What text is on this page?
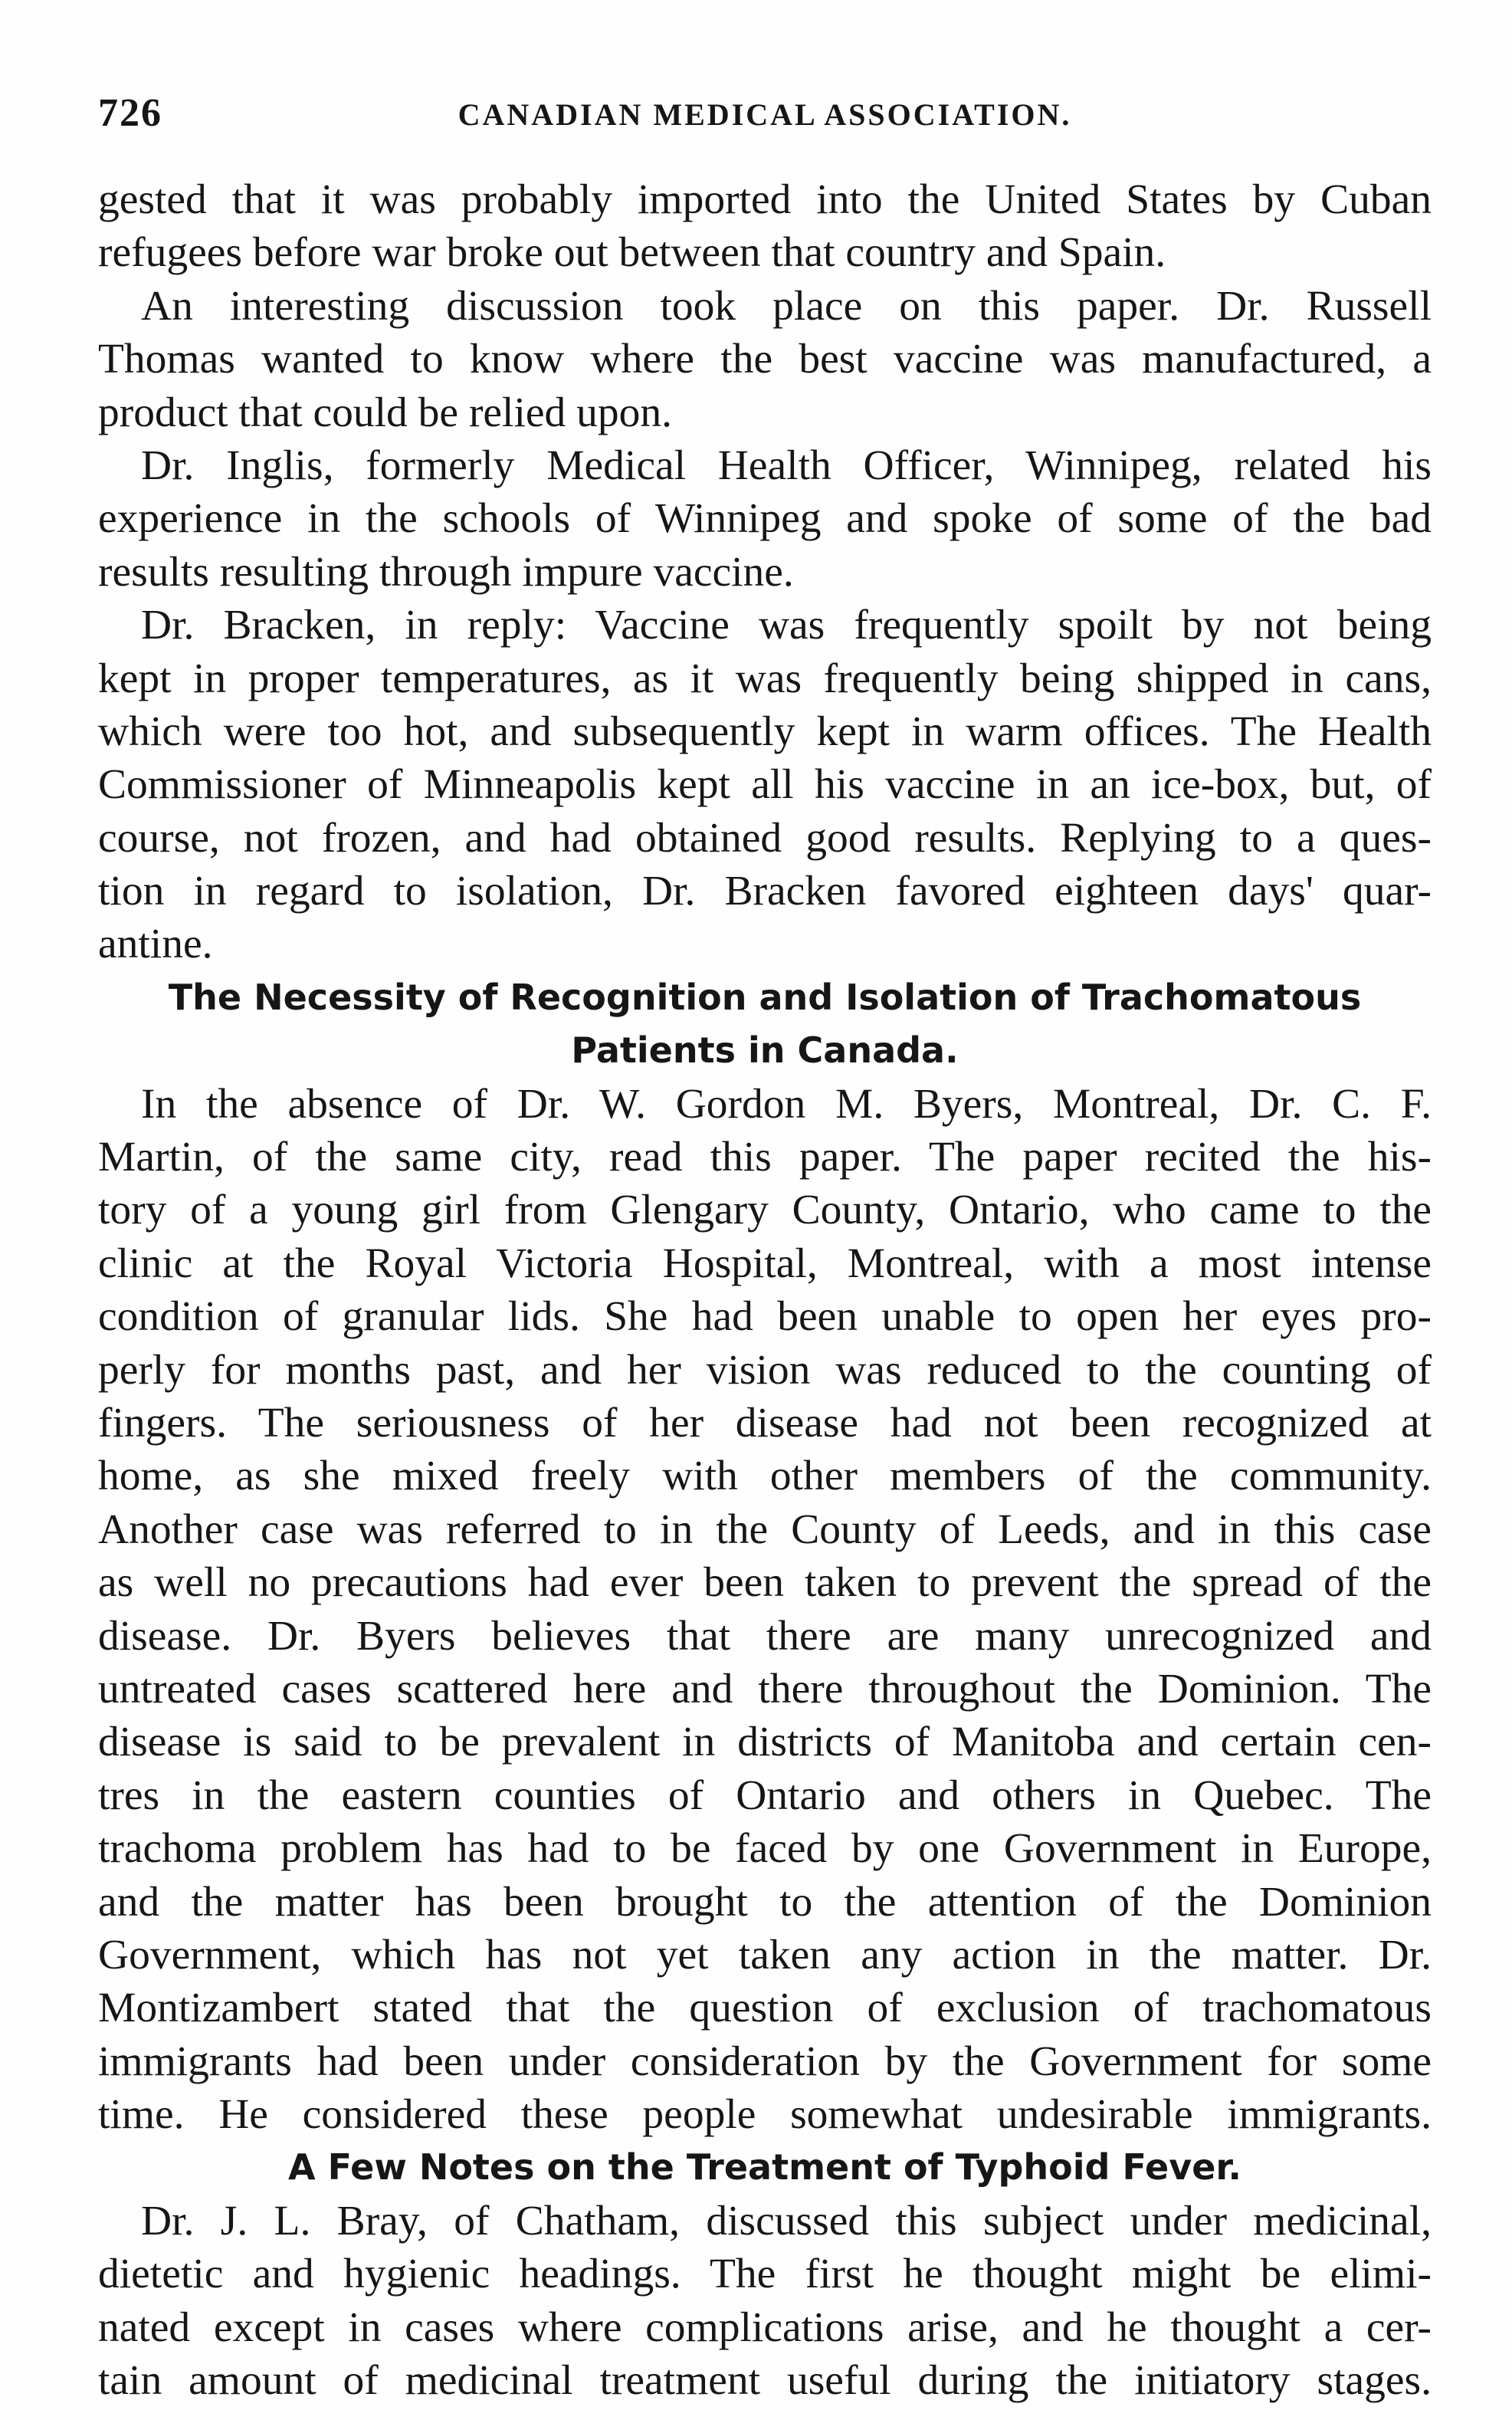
726	CANADIAN MEDICAL ASSOCIATION.
gested that it was probably imported into the United States by Cuban
refugees before war broke out between that country and Spain.
An interesting discussion took place on this paper. Dr. Russell
Thomas wanted to know where the best vaccine was manufactured, a
product that could be relied upon.
Dr. Inglis, formerly Medical Health Officer, Winnipeg, related his
experience in the schools of Winnipeg and spoke of some of the bad
results resulting through impure vaccine.
Dr. Bracken, in reply: Vaccine was frequently spoilt by not being
kept in proper temperatures, as it was frequently being shipped in cans,
which were too hot, and subsequently kept in warm offices. The Health
Commissioner of Minneapolis kept all his vaccine in an ice-box, but, of
course, not frozen, and had obtained good results. Replying to a ques-
tion in regard to isolation, Dr. Bracken favored eighteen days' quar-
antine.
The Necessity of Recognition and Isolation of Trachomatous
Patients in Canada.
In the absence of Dr. W. Gordon M. Byers, Montreal, Dr. C. F.
Martin, of the same city, read this paper. The paper recited the his-
tory of a young girl from Glengary County, Ontario, who came to the
clinic at the Royal Victoria Hospital, Montreal, with a most intense
condition of granular lids. She had been unable to open her eyes pro-
perly for months past, and her vision was reduced to the counting of
fingers. The seriousness of her disease had not been recognized at
home, as she mixed freely with other members of the community.
Another case was referred to in the County of Leeds, and in this case
as well no precautions had ever been taken to prevent the spread of the
disease. Dr. Byers believes that there are many unrecognized and
untreated cases scattered here and there throughout the Dominion. The
disease is said to be prevalent in districts of Manitoba and certain cen-
tres in the eastern counties of Ontario and others in Quebec. The
trachoma problem has had to be faced by one Government in Europe,
and the matter has been brought to the attention of the Dominion
Government, which has not yet taken any action in the matter. Dr.
Montizambert stated that the question of exclusion of trachomatous
immigrants had been under consideration by the Government for some
time. He considered these people somewhat undesirable immigrants.
A Few Notes on the Treatment of Typhoid Fever.
Dr. J. L. Bray, of Chatham, discussed this subject under medicinal,
dietetic and hygienic headings. The first he thought might be elimi-
nated except in cases where complications arise, and he thought a cer-
tain amount of medicinal treatment useful during the initiatory stages.
